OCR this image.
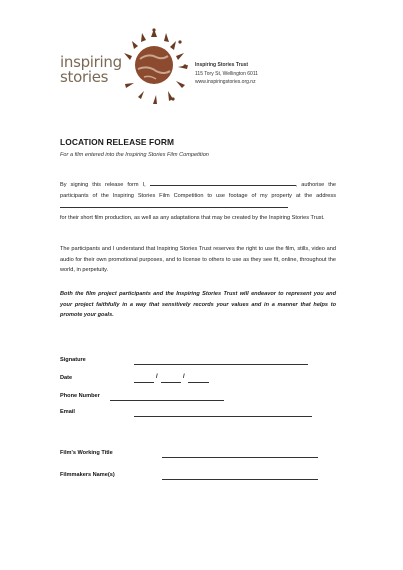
inspiring
stories
Inspiring Stories Trust
115 Tory St, Wellington 6011
www.inspiringstories.org.nz
LOCATION RELEASE FORM
For a film entered into the Inspiring Stories Film Competition
By signing this release form I,	, authorise the participants of the Inspiring Stories Film Competition to use footage of my property at the address
for their short film production, as well as any adaptations that may be created by the Inspiring Stories Trust.
The participants and I understand that Inspiring Stories Trust reserves the right to use the film, stills, video and audio for their own promotional purposes, and to license to others to use as they see fit, online, throughout the world, in perpetuity.
Both the film project participants and the Inspiring Stories Trust will endeavor to represent you and your project faithfully in a way that sensitively records your values and in a manner that helps to promote your goals.
Signature
Date	/	/
Phone Number
Email
Film's Working Title
Filmmakers Name(s)
